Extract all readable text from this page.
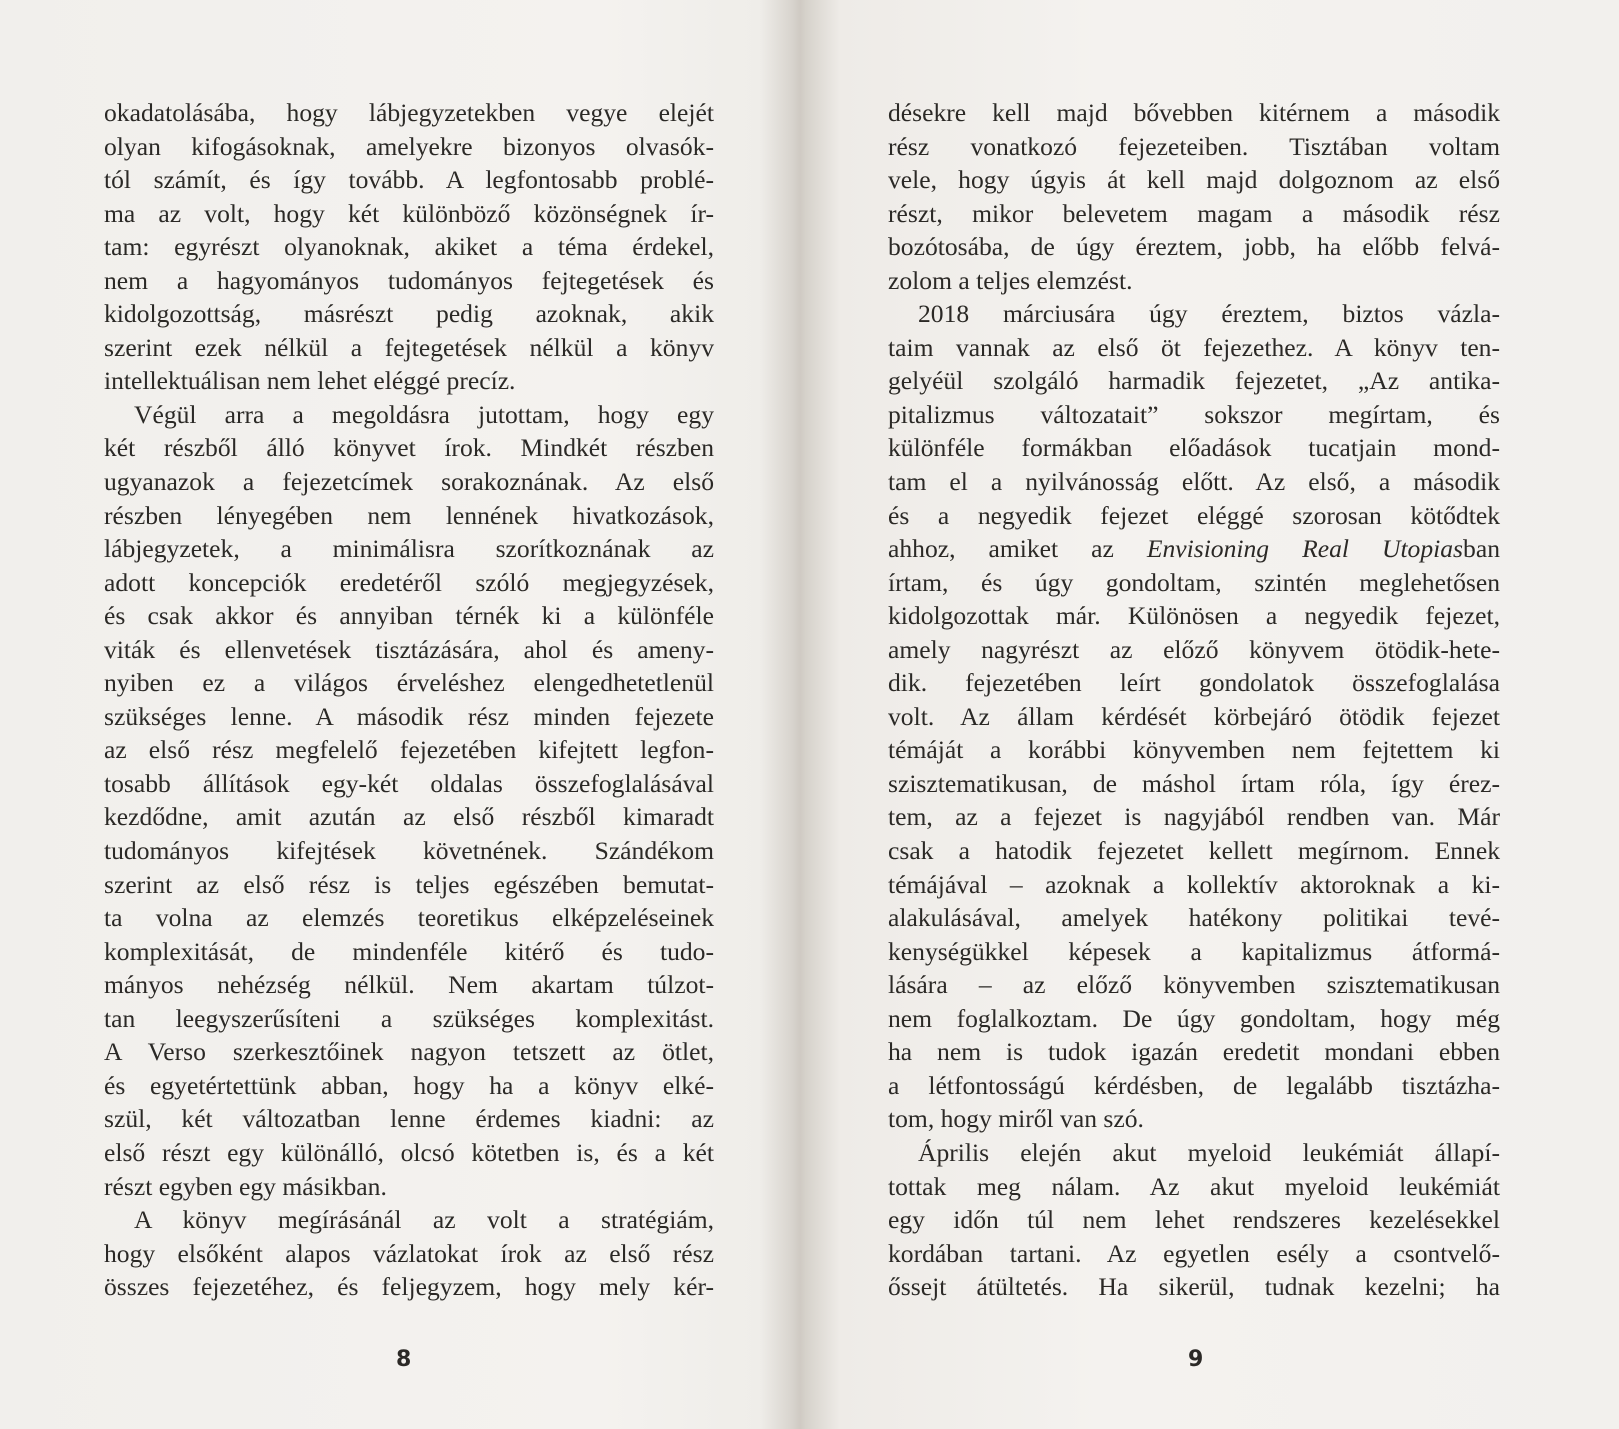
okadatolásába, hogy lábjegyzetekben vegye elejét
olyan kifogásoknak, amelyekre bizonyos olvasók-
tól számít, és így tovább. A legfontosabb problé-
ma az volt, hogy két különböző közönségnek ír-
tam: egyrészt olyanoknak, akiket a téma érdekel,
nem a hagyományos tudományos fejtegetések és
kidolgozottság, másrészt pedig azoknak, akik
szerint ezek nélkül a fejtegetések nélkül a könyv
intellektuálisan nem lehet eléggé precíz.
Végül arra a megoldásra jutottam, hogy egy
két részből álló könyvet írok. Mindkét részben
ugyanazok a fejezetcímek sorakoznának. Az első
részben lényegében nem lennének hivatkozások,
lábjegyzetek, a minimálisra szorítkoznának az
adott koncepciók eredetéről szóló megjegyzések,
és csak akkor és annyiban térnék ki a különféle
viták és ellenvetések tisztázására, ahol és ameny-
nyiben ez a világos érveléshez elengedhetetlenül
szükséges lenne. A második rész minden fejezete
az első rész megfelelő fejezetében kifejtett legfon-
tosabb állítások egy-két oldalas összefoglalásával
kezdődne, amit azután az első részből kimaradt
tudományos kifejtések követnének. Szándékom
szerint az első rész is teljes egészében bemutat-
ta volna az elemzés teoretikus elképzeléseinek
komplexitását, de mindenféle kitérő és tudo-
mányos nehézség nélkül. Nem akartam túlzot-
tan leegyszerűsíteni a szükséges komplexitást.
A Verso szerkesztőinek nagyon tetszett az ötlet,
és egyetértettünk abban, hogy ha a könyv elké-
szül, két változatban lenne érdemes kiadni: az
első részt egy különálló, olcsó kötetben is, és a két
részt egyben egy másikban.
A könyv megírásánál az volt a stratégiám,
hogy elsőként alapos vázlatokat írok az első rész
összes fejezetéhez, és feljegyzem, hogy mely kér-
8
désekre kell majd bővebben kitérnem a második
rész vonatkozó fejezeteiben. Tisztában voltam
vele, hogy úgyis át kell majd dolgoznom az első
részt, mikor belevetem magam a második rész
bozótosába, de úgy éreztem, jobb, ha előbb felvá-
zolom a teljes elemzést.
2018 márciusára úgy éreztem, biztos vázla-
taim vannak az első öt fejezethez. A könyv ten-
gelyéül szolgáló harmadik fejezetet, „Az antika-
pitalizmus változatait” sokszor megírtam, és
különféle formákban előadások tucatjain mond-
tam el a nyilvánosság előtt. Az első, a második
és a negyedik fejezet eléggé szorosan kötődtek
ahhoz, amiket az Envisioning Real Utopiasban
írtam, és úgy gondoltam, szintén meglehetősen
kidolgozottak már. Különösen a negyedik fejezet,
amely nagyrészt az előző könyvem ötödik-hete-
dik. fejezetében leírt gondolatok összefoglalása
volt. Az állam kérdését körbejáró ötödik fejezet
témáját a korábbi könyvemben nem fejtettem ki
szisztematikusan, de máshol írtam róla, így érez-
tem, az a fejezet is nagyjából rendben van. Már
csak a hatodik fejezetet kellett megírnom. Ennek
témájával – azoknak a kollektív aktoroknak a ki-
alakulásával, amelyek hatékony politikai tevé-
kenységükkel képesek a kapitalizmus átformá-
lására – az előző könyvemben szisztematikusan
nem foglalkoztam. De úgy gondoltam, hogy még
ha nem is tudok igazán eredetit mondani ebben
a létfontosságú kérdésben, de legalább tisztázha-
tom, hogy miről van szó.
Április elején akut myeloid leukémiát állapí-
tottak meg nálam. Az akut myeloid leukémiát
egy időn túl nem lehet rendszeres kezelésekkel
kordában tartani. Az egyetlen esély a csontvelő-
őssejt átültetés. Ha sikerül, tudnak kezelni; ha
9
